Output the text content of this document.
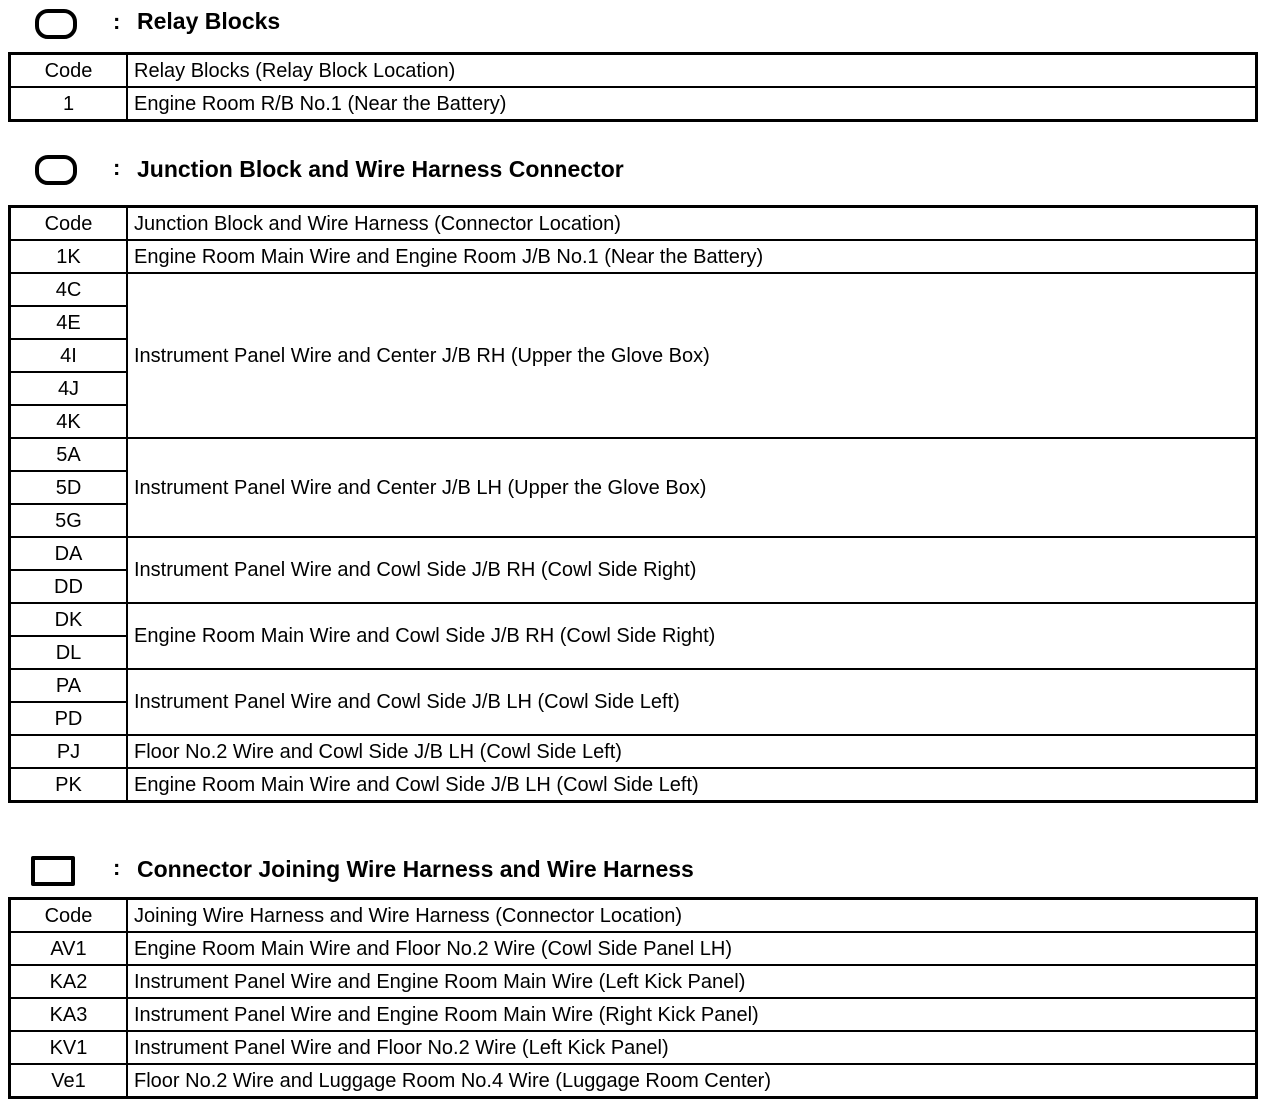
: Relay Blocks
Code	Relay Blocks (Relay Block Location)
1	Engine Room R/B No.1 (Near the Battery)
: Junction Block and Wire Harness Connector
Code	Junction Block and Wire Harness (Connector Location)
1K	Engine Room Main Wire and Engine Room J/B No.1 (Near the Battery)
4C	Instrument Panel Wire and Center J/B RH (Upper the Glove Box)
4E	
4I	
4J	
4K	
5A	Instrument Panel Wire and Center J/B LH (Upper the Glove Box)
5D	
5G	
DA	Instrument Panel Wire and Cowl Side J/B RH (Cowl Side Right)
DD	
DK	Engine Room Main Wire and Cowl Side J/B RH (Cowl Side Right)
DL	
PA	Instrument Panel Wire and Cowl Side J/B LH (Cowl Side Left)
PD	
PJ	Floor No.2 Wire and Cowl Side J/B LH (Cowl Side Left)
PK	Engine Room Main Wire and Cowl Side J/B LH (Cowl Side Left)
: Connector Joining Wire Harness and Wire Harness
Code	Joining Wire Harness and Wire Harness (Connector Location)
AV1	Engine Room Main Wire and Floor No.2 Wire (Cowl Side Panel LH)
KA2	Instrument Panel Wire and Engine Room Main Wire (Left Kick Panel)
KA3	Instrument Panel Wire and Engine Room Main Wire (Right Kick Panel)
KV1	Instrument Panel Wire and Floor No.2 Wire (Left Kick Panel)
Ve1	Floor No.2 Wire and Luggage Room No.4 Wire (Luggage Room Center)
